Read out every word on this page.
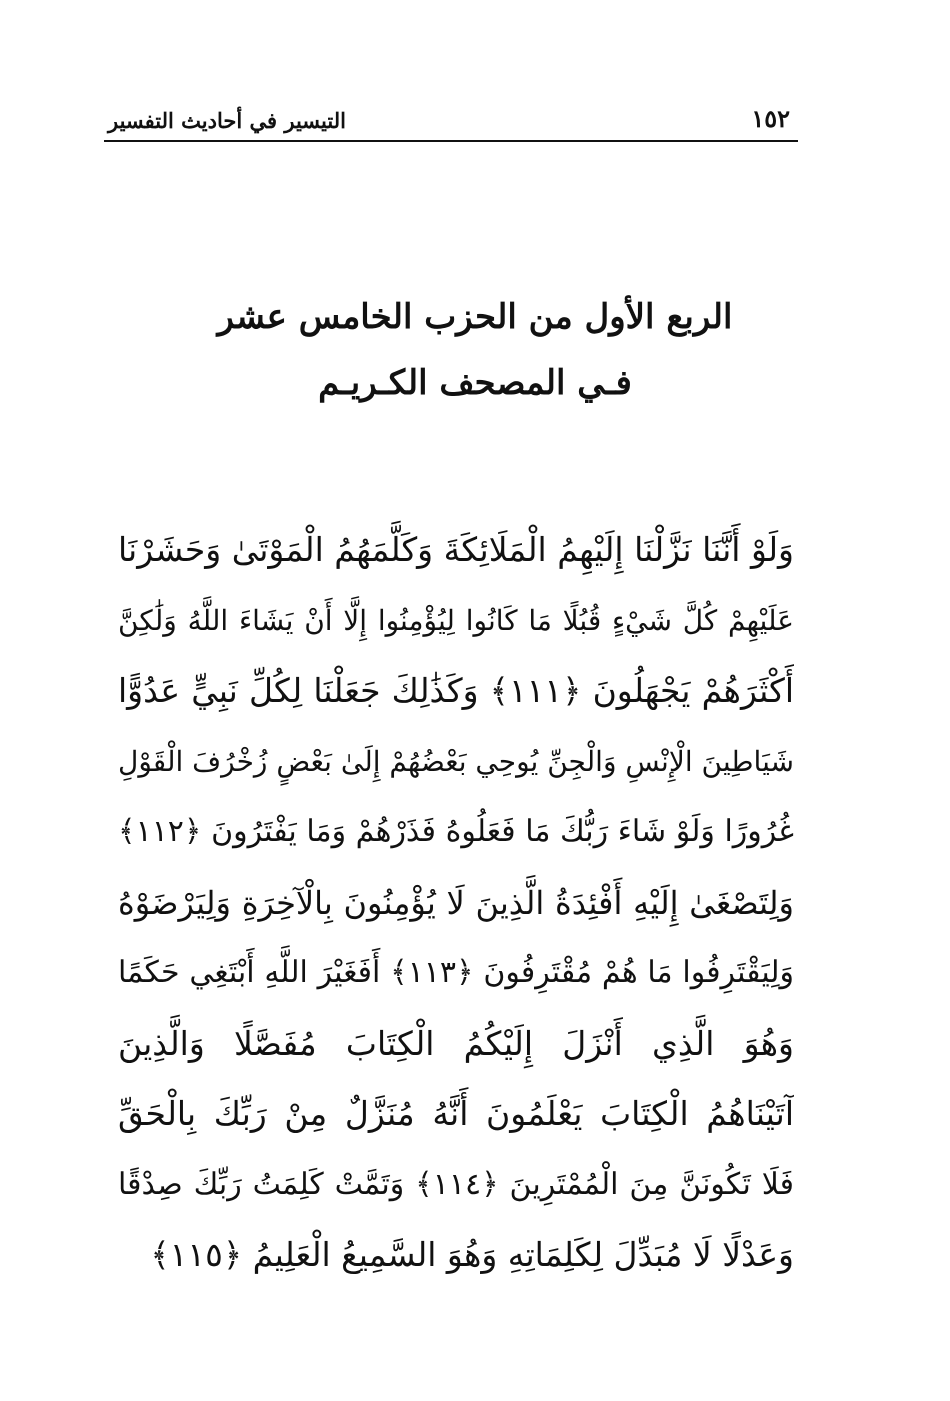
١٥٢
التيسير في أحاديث التفسير
الربع الأول من الحزب الخامس عشر
فـي المصحف الكـريـم
وَلَوْ أَنَّنَا نَزَّلْنَا إِلَيْهِمُ الْمَلَائِكَةَ وَكَلَّمَهُمُ الْمَوْتَىٰ وَحَشَرْنَا
عَلَيْهِمْ كُلَّ شَيْءٍ قُبُلًا مَا كَانُوا لِيُؤْمِنُوا إِلَّا أَنْ يَشَاءَ اللَّهُ وَلَٰكِنَّ
أَكْثَرَهُمْ يَجْهَلُونَ ﴿١١١﴾ وَكَذَٰلِكَ جَعَلْنَا لِكُلِّ نَبِيٍّ عَدُوًّا
شَيَاطِينَ الْإِنْسِ وَالْجِنِّ يُوحِي بَعْضُهُمْ إِلَىٰ بَعْضٍ زُخْرُفَ الْقَوْلِ
غُرُورًا وَلَوْ شَاءَ رَبُّكَ مَا فَعَلُوهُ فَذَرْهُمْ وَمَا يَفْتَرُونَ ﴿١١٢﴾
وَلِتَصْغَىٰ إِلَيْهِ أَفْئِدَةُ الَّذِينَ لَا يُؤْمِنُونَ بِالْآخِرَةِ وَلِيَرْضَوْهُ
وَلِيَقْتَرِفُوا مَا هُمْ مُقْتَرِفُونَ ﴿١١٣﴾ أَفَغَيْرَ اللَّهِ أَبْتَغِي حَكَمًا
وَهُوَ الَّذِي أَنْزَلَ إِلَيْكُمُ الْكِتَابَ مُفَصَّلًا وَالَّذِينَ
آتَيْنَاهُمُ الْكِتَابَ يَعْلَمُونَ أَنَّهُ مُنَزَّلٌ مِنْ رَبِّكَ بِالْحَقِّ
فَلَا تَكُونَنَّ مِنَ الْمُمْتَرِينَ ﴿١١٤﴾ وَتَمَّتْ كَلِمَتُ رَبِّكَ صِدْقًا
وَعَدْلًا لَا مُبَدِّلَ لِكَلِمَاتِهِ وَهُوَ السَّمِيعُ الْعَلِيمُ ﴿١١٥﴾
